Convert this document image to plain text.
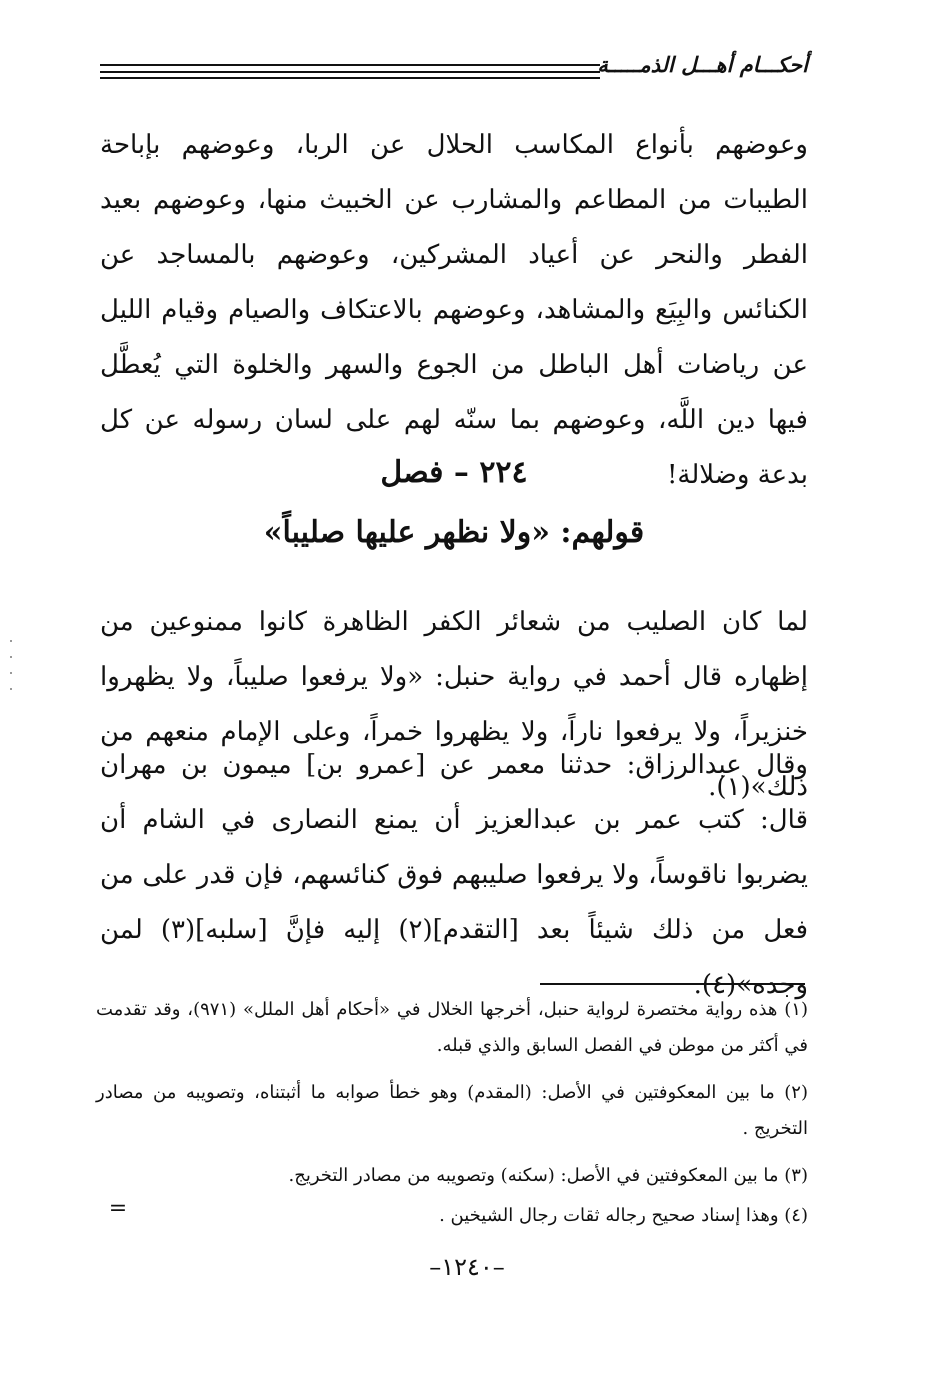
أحكـــام أهـــل الذمـــــة
وعوضهم بأنواع المكاسب الحلال عن الربا، وعوضهم بإباحة الطيبات من المطاعم والمشارب عن الخبيث منها، وعوضهم بعيد الفطر والنحر عن أعياد المشركين، وعوضهم بالمساجد عن الكنائس والبِيَع والمشاهد، وعوضهم بالاعتكاف والصيام وقيام الليل عن رياضات أهل الباطل من الجوع والسهر والخلوة التي يُعطَّل فيها دين اللَّه، وعوضهم بما سنّه لهم على لسان رسوله عن كل بدعة وضلالة!
٢٢٤ – فصل
قولهم: «ولا نظهر عليها صليباً»
لما كان الصليب من شعائر الكفر الظاهرة كانوا ممنوعين من إظهاره قال أحمد في رواية حنبل: «ولا يرفعوا صليباً، ولا يظهروا خنزيراً، ولا يرفعوا ناراً، ولا يظهروا خمراً، وعلى الإمام منعهم من ذلك»(١).
وقال عبدالرزاق: حدثنا معمر عن [عمرو بن] ميمون بن مهران قال: كتب عمر بن عبدالعزيز أن يمنع النصارى في الشام أن يضربوا ناقوساً، ولا يرفعوا صليبهم فوق كنائسهم، فإن قدر على من فعل من ذلك شيئاً بعد [التقدم](٢) إليه فإنَّ [سلبه](٣) لمن وجده»(٤).
(١) هذه رواية مختصرة لرواية حنبل، أخرجها الخلال في «أحكام أهل الملل» (٩٧١)، وقد تقدمت في أكثر من موطن في الفصل السابق والذي قبله.
(٢) ما بين المعكوفتين في الأصل: (المقدم) وهو خطأ صوابه ما أثبتناه، وتصويبه من مصادر التخريج .
(٣) ما بين المعكوفتين في الأصل: (سكنه) وتصويبه من مصادر التخريج.
(٤) وهذا إسناد صحيح رجاله ثقات رجال الشيخين .
=
–١٢٤٠–
